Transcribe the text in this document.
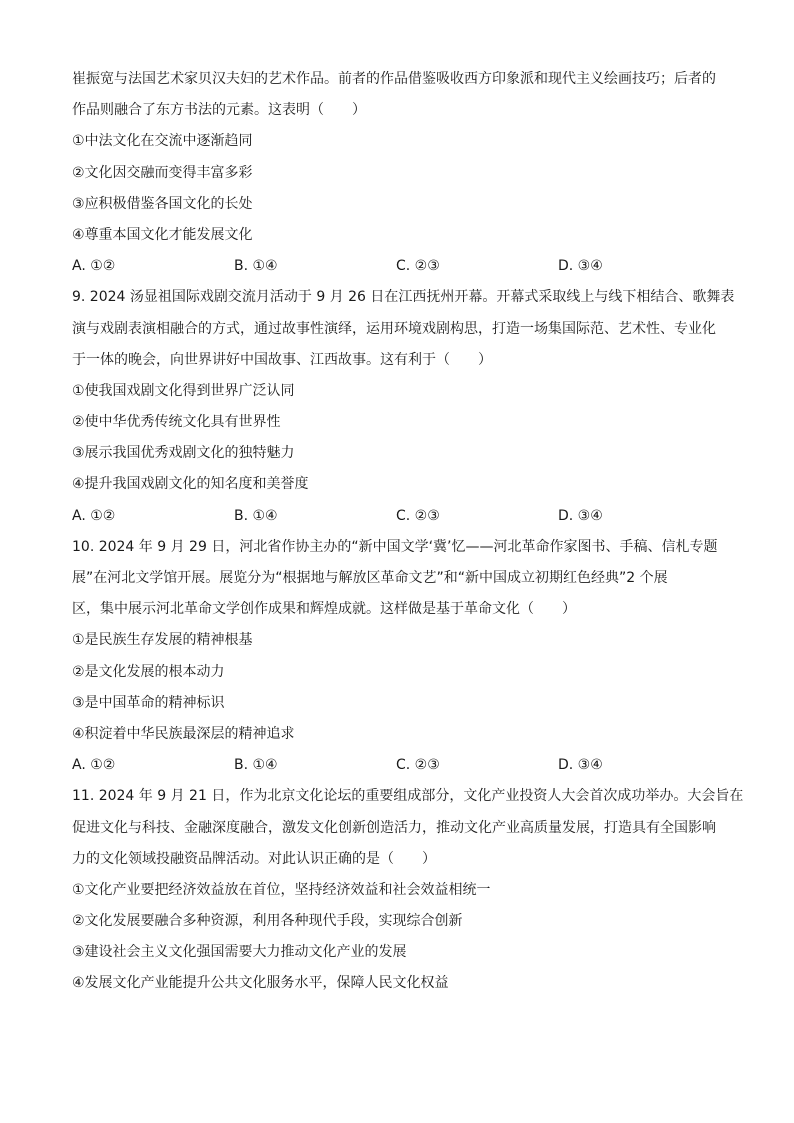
崔振宽与法国艺术家贝汉夫妇的艺术作品。前者的作品借鉴吸收西方印象派和现代主义绘画技巧；后者的
作品则融合了东方书法的元素。这表明（　　）
①中法文化在交流中逐渐趋同
②文化因交融而变得丰富多彩
③应积极借鉴各国文化的长处
④尊重本国文化才能发展文化
A. ①②	B. ①④	C. ②③	D. ③④
9. 2024 汤显祖国际戏剧交流月活动于 9 月 26 日在江西抚州开幕。开幕式采取线上与线下相结合、歌舞表
演与戏剧表演相融合的方式，通过故事性演绎，运用环境戏剧构思，打造一场集国际范、艺术性、专业化
于一体的晚会，向世界讲好中国故事、江西故事。这有利于（　　）
①使我国戏剧文化得到世界广泛认同
②使中华优秀传统文化具有世界性
③展示我国优秀戏剧文化的独特魅力
④提升我国戏剧文化的知名度和美誉度
A. ①②	B. ①④	C. ②③	D. ③④
10. 2024 年 9 月 29 日，河北省作协主办的“新中国文学‘冀’忆——河北革命作家图书、手稿、信札专题
展”在河北文学馆开展。展览分为“根据地与解放区革命文艺”和“新中国成立初期红色经典”2 个展
区，集中展示河北革命文学创作成果和辉煌成就。这样做是基于革命文化（　　）
①是民族生存发展的精神根基
②是文化发展的根本动力
③是中国革命的精神标识
④积淀着中华民族最深层的精神追求
A. ①②	B. ①④	C. ②③	D. ③④
11. 2024 年 9 月 21 日，作为北京文化论坛的重要组成部分，文化产业投资人大会首次成功举办。大会旨在
促进文化与科技、金融深度融合，激发文化创新创造活力，推动文化产业高质量发展，打造具有全国影响
力的文化领域投融资品牌活动。对此认识正确的是（　　）
①文化产业要把经济效益放在首位，坚持经济效益和社会效益相统一
②文化发展要融合多种资源，利用各种现代手段，实现综合创新
③建设社会主义文化强国需要大力推动文化产业的发展
④发展文化产业能提升公共文化服务水平，保障人民文化权益
